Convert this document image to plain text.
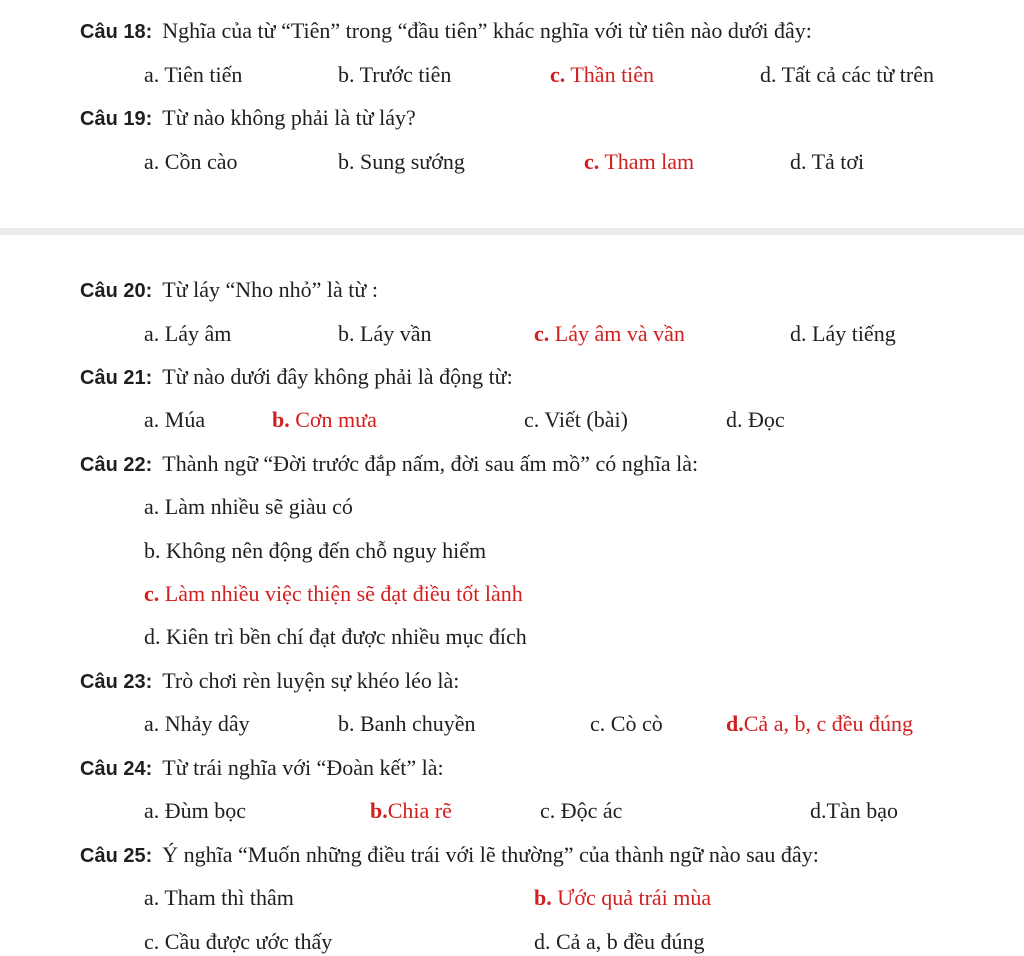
Câu 18: Nghĩa của từ “Tiên” trong “đầu tiên” khác nghĩa với từ tiên nào dưới đây:
a. Tiên tiến	b. Trước tiên	c. Thần tiên	d. Tất cả các từ trên
Câu 19: Từ nào không phải là từ láy?
a. Cồn cào	b. Sung sướng	c. Tham lam	d. Tả tơi
Câu 20: Từ láy “Nho nhỏ” là từ :
a. Láy âm	b. Láy vần	c. Láy âm và vần	d. Láy tiếng
Câu 21: Từ nào dưới đây không phải là động từ:
a. Múa	b. Cơn mưa	c. Viết (bài)	d. Đọc
Câu 22: Thành ngữ “Đời trước đắp nấm, đời sau ấm mồ” có nghĩa là:
a. Làm nhiều sẽ giàu có
b. Không nên động đến chỗ nguy hiểm
c. Làm nhiều việc thiện sẽ đạt điều tốt lành
d. Kiên trì bền chí đạt được nhiều mục đích
Câu 23: Trò chơi rèn luyện sự khéo léo là:
a. Nhảy dây	b. Banh chuyền	c. Cò cò	d.Cả a, b, c đều đúng
Câu 24: Từ trái nghĩa với “Đoàn kết” là:
a. Đùm bọc	b.Chia rẽ	c. Độc ác	d.Tàn bạo
Câu 25: Ý nghĩa “Muốn những điều trái với lẽ thường” của thành ngữ nào sau đây:
a. Tham thì thâm	b. Ước quả trái mùa
c. Cầu được ước thấy	d. Cả a, b đều đúng
